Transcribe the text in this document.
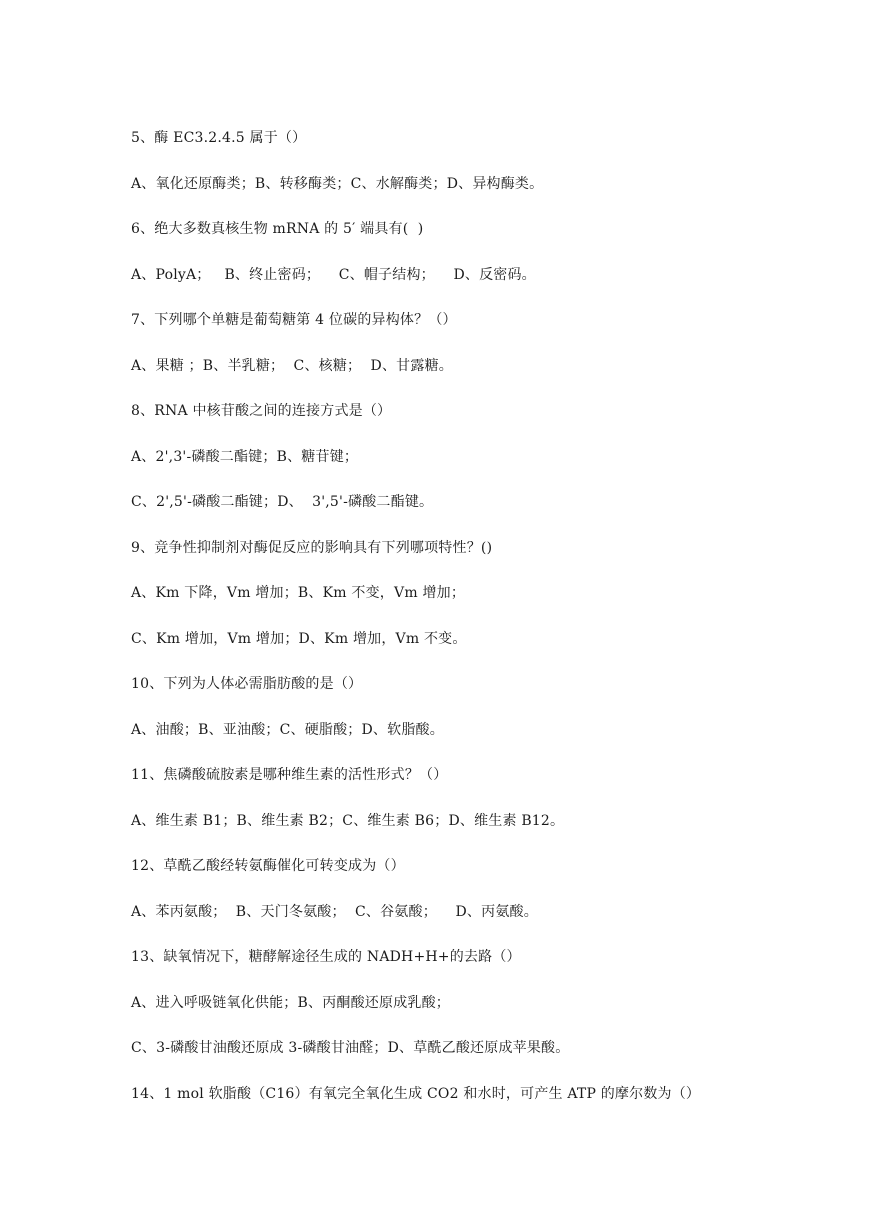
5、酶 EC3.2.4.5 属于（）
A、氧化还原酶类；B、转移酶类；C、水解酶类；D、异构酶类。
6、绝大多数真核生物 mRNA 的 5′ 端具有(  )
A、PolyA；   B、终止密码；    C、帽子结构；    D、反密码。
7、下列哪个单糖是葡萄糖第 4 位碳的异构体？（）
A、果糖 ；B、半乳糖；  C、核糖；  D、甘露糖。
8、RNA 中核苷酸之间的连接方式是（）
A、2',3'-磷酸二酯键；B、糖苷键；
C、2',5'-磷酸二酯键；D、  3',5'-磷酸二酯键。
9、竞争性抑制剂对酶促反应的影响具有下列哪项特性？()
A、Km 下降，Vm 增加；B、Km 不变，Vm 增加；
C、Km 增加，Vm 增加；D、Km 增加，Vm 不变。
10、下列为人体必需脂肪酸的是（）
A、油酸；B、亚油酸；C、硬脂酸；D、软脂酸。
11、焦磷酸硫胺素是哪种维生素的活性形式？（）
A、维生素 B1；B、维生素 B2；C、维生素 B6；D、维生素 B12。
12、草酰乙酸经转氨酶催化可转变成为（）
A、苯丙氨酸；  B、天门冬氨酸；  C、谷氨酸；    D、丙氨酸。
13、缺氧情况下，糖酵解途径生成的 NADH+H+的去路（）
A、进入呼吸链氧化供能；B、丙酮酸还原成乳酸；
C、3-磷酸甘油酸还原成 3-磷酸甘油醛；D、草酰乙酸还原成苹果酸。
14、1 mol 软脂酸（C16）有氧完全氧化生成 CO2 和水时，可产生 ATP 的摩尔数为（）
